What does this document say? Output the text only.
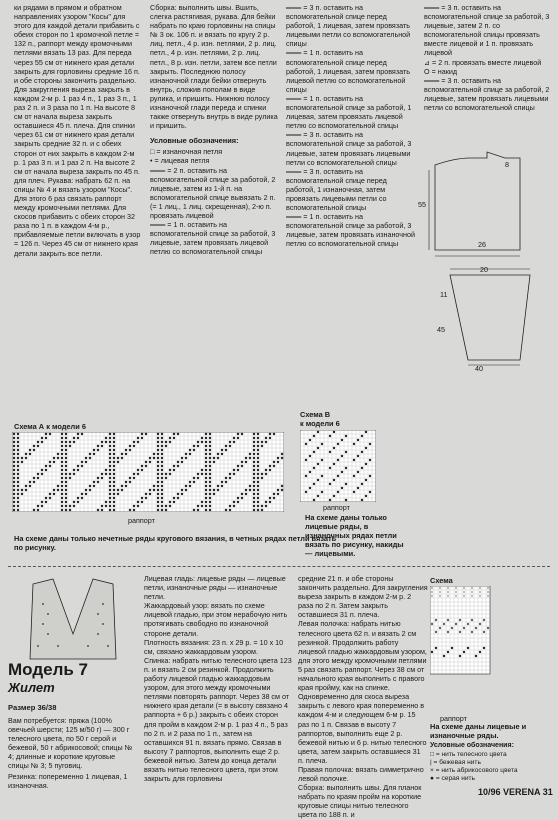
ки рядами в прямом и обратном направлениях узором "Косы" для этого для каждой детали прибавить с обеих сторон по 1 кромочной петле = 132 п., раппорт между кромочными петлями вязать 13 раз. Для переда через 55 см от нижнего края детали закрыть для горловины средние 16 п. и обе стороны закончить раздельно. Для закругления выреза закрыть в каждом 2-м р. 1 раз 4 п., 1 раз 3 п., 1 раз 2 п. и 3 раза по 1 п. На высоте 8 см от начала выреза закрыть оставшиеся 45 п. плеча. Для спинки через 61 см от нижнего края детали закрыть средние 32 п. и с обеих сторон от них закрыть в каждом 2-м р. 1 раз 3 п. и 1 раз 2 п. На высоте 2 см от начала выреза закрыть по 45 п. для плеч. Рукава: набрать 62 п. на спицы № 4 и вязать узором "Косы". Для этого 6 раз связать раппорт между кромочными петлями. Для скосов прибавить с обеих сторон 32 раза по 1 п. в каждом 4-м р., прибавляемые петли включать в узор = 126 п. Через 45 см от нижнего края детали закрыть все петли.
Сборка: выполнить швы. Вшить, слегка растягивая, рукава. Для бейки набрать по краю горловины на спицы № 3 ок. 106 п. и вязать по кругу 2 р. лиц. петл., 4 р. изн. петлями, 2 р. лиц. петл., 4 р. изн. петлями, 2 р. лиц. петл., 8 р. изн. петли, затем все петли закрыть. Последнюю полосу изнаночной глади бейки отвернуть внутрь, сложив пополам в виде рулика, и пришить. Нижнюю полосу изнаночной глади переда и спинки также отвернуть внутрь в виде рулика и пришить.
Условные обозначения:
□ = изнаночная петля
• = лицевая петля
═══ = 2 п. оставить на вспомогательной спице за работой, 2 лицевые, затем из 1-й п. на вспомогательной спице вывязать 2 п. (= 1 лиц., 1 лиц. скрещенная), 2-ю п. провязать лицевой
═══ = 1 п. оставить на вспомогательной спице за работой, 3 лицевые, затем провязать лицевой петлю со вспомогательной спицы
═══ = 3 п. оставить на вспомогательной спице перед работой, 1 лицевая, затем провязать лицевыми петли со вспомогательной спицы
═══ = 1 п. оставить на вспомогательной спице перед работой, 1 лицевая, затем провязать лицевой петлю со вспомогательной спицы
═══ = 1 п. оставить на вспомогательной спице за работой, 1 лицевая, затем провязать лицевой петлю со вспомогательной спицы
═══ = 3 п. оставить на вспомогательной спице за работой, 3 лицевые, затем провязать лицевыми петли со вспомогательной спицы
═══ = 3 п. оставить на вспомогательной спице перед работой, 1 изнаночная, затем провязать лицевыми петли со вспомогательной спицы
═══ = 1 п. оставить на вспомогательной спице за работой, 3 лицевые, затем провязать изнаночной петлю со вспомогательной спицы
═══ = 3 п. оставить на вспомогательной спице за работой, 3 лицевые, затем 2 п. со вспомогательной спицы провязать вместе лицевой и 1 п. провязать лицевой
⊿ = 2 п. провязать вместе лицевой
О = накид
═══ = 3 п. оставить на вспомогательной спице за работой, 2 лицевые, затем провязать лицевыми петли со вспомогательной спицы
55
8
26
20
11
45
40
Схема А к модели 6
раппорт
На схеме даны только нечетные ряды кругового вязания, в четных рядах петли вязать по рисунку.
Схема В
к модели 6
раппорт
На схеме даны только лицевые ряды, в изнаночных рядах петли вязать по рисунку, накиды — лицевыми.
Модель 7
Жилет
Размер 36/38
Вам потребуется: пряжа (100% овечьей шерсти; 125 м/50 г) — 300 г телесного цвета, по 50 г серой и бежевой, 50 г абрикосовой; спицы № 4; длинные и короткие круговые спицы № 3; 5 пуговиц.
Резинка: попеременно 1 лицевая, 1 изнаночная.
Лицевая гладь: лицевые ряды — лицевые петли, изнаночные ряды — изнаночные петли.
Жаккардовый узор: вязать по схеме лицевой гладью, при этом нерабочую нить протягивать свободно по изнаночной стороне детали.
Плотность вязания: 23 п. x 29 р. = 10 x 10 см, связано жаккардовым узором.
Спинка: набрать нитью телесного цвета 123 п. и вязать 2 см резинкой. Продолжить работу лицевой гладью жаккардовым узором, для этого между кромочными петлями повторять раппорт. Через 38 см от нижнего края детали (= в высоту связано 4 раппорта + 6 р.) закрыть с обеих сторон для пройм в каждом 2-м р. 1 раз 4 п., 5 раз по 2 п. и 2 раза по 1 п., затем на оставшихся 91 п. вязать прямо. Связав в высоту 7 раппортов, выполнить еще 2 р. бежевой нитью. Затем до конца детали вязать нитью телесного цвета, при этом закрыть для горловины
средние 21 п. и обе стороны закончить раздельно. Для закругления выреза закрыть в каждом 2-м р. 2 раза по 2 п. Затем закрыть оставшиеся 31 п. плеча.
Левая полочка: набрать нитью телесного цвета 62 п. и вязать 2 см резинкой. Продолжить работу лицевой гладью жаккардовым узором, для этого между кромочными петлями 5 раз связать раппорт. Через 38 см от начального края выполнить с правого края пройму, как на спинке. Одновременно для скоса выреза закрыть с левого края попеременно в каждом 4-м и следующем 6-м р. 15 раз по 1 п. Связав в высоту 7 раппортов, выполнить еще 2 р. бежевой нитью и 6 р. нитью телесного цвета, затем закрыть оставшиеся 31 п. плеча.
Правая полочка: вязать симметрично левой полочке.
Сборка: выполнить швы. Для планок набрать по краям пройм на короткие круговые спицы нитью телесного цвета по 188 п. и
Схема
раппорт
На схеме даны лицевые и изнаночные ряды.
Условные обозначения:
□ = нить телесного цвета
| = бежевая нить
× = нить абрикосового цвета
● = серая нить
10/96 VERENA 31
